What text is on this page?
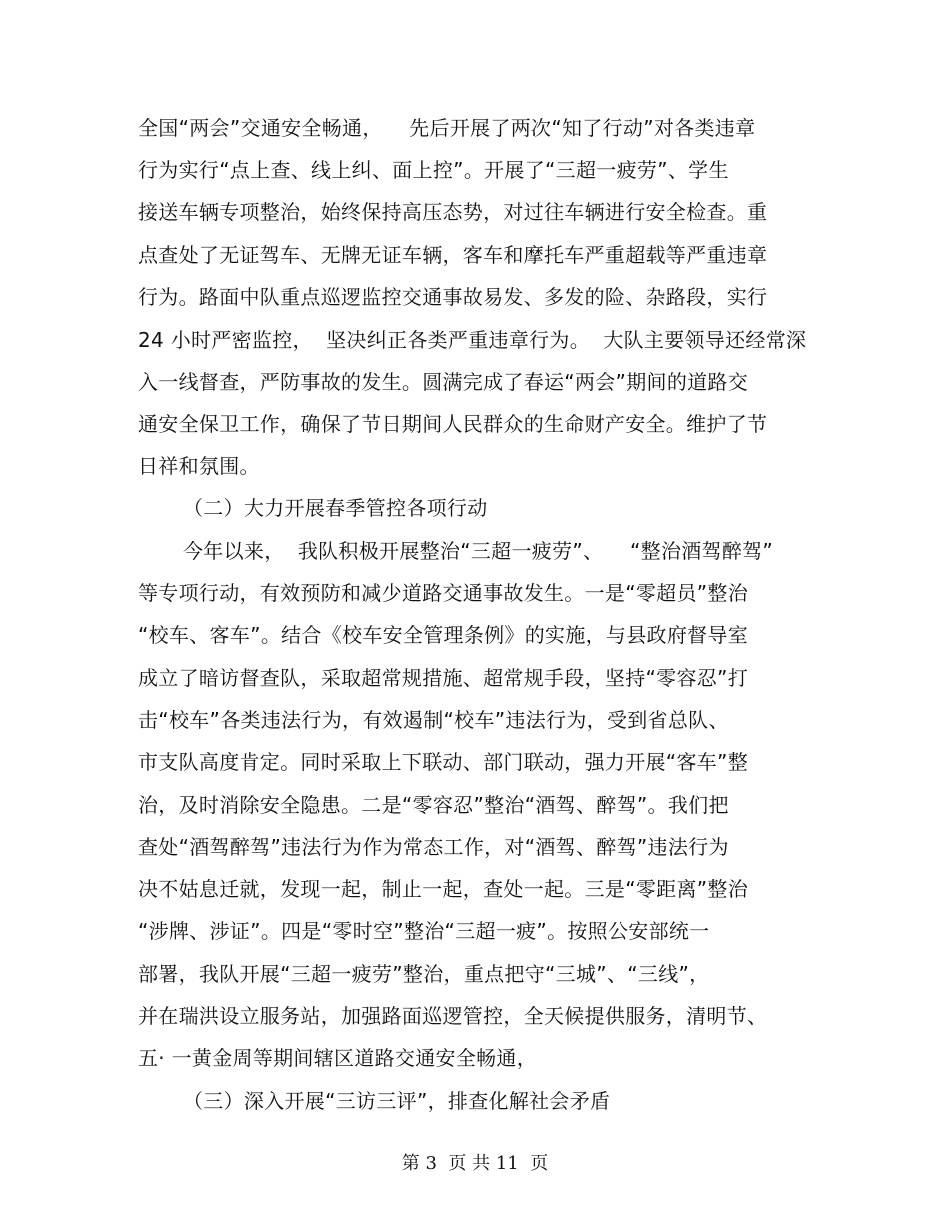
全国“两会”交通安全畅通，    先后开展了两次“知了行动”对各类违章
行为实行“点上查、线上纠、面上控”。开展了“三超一疲劳”、学生
接送车辆专项整治，始终保持高压态势，对过往车辆进行安全检查。重
点查处了无证驾车、无牌无证车辆，客车和摩托车严重超载等严重违章
行为。路面中队重点巡逻监控交通事故易发、多发的险、杂路段，实行
24 小时严密监控，  坚决纠正各类严重违章行为。  大队主要领导还经常深
入一线督查，严防事故的发生。圆满完成了春运“两会”期间的道路交
通安全保卫工作，确保了节日期间人民群众的生命财产安全。维护了节
日祥和氛围。
（二）大力开展春季管控各项行动
今年以来，  我队积极开展整治“三超一疲劳”、    “整治酒驾醉驾”
等专项行动，有效预防和减少道路交通事故发生。一是“零超员”整治
“校车、客车”。结合《校车安全管理条例》的实施，与县政府督导室
成立了暗访督查队，采取超常规措施、超常规手段，坚持“零容忍”打
击“校车”各类违法行为，有效遏制“校车”违法行为，受到省总队、
市支队高度肯定。同时采取上下联动、部门联动，强力开展“客车”整
治，及时消除安全隐患。二是“零容忍”整治“酒驾、醉驾”。我们把
查处“酒驾醉驾”违法行为作为常态工作，对“酒驾、醉驾”违法行为
决不姑息迁就，发现一起，制止一起，查处一起。三是“零距离”整治
“涉牌、涉证”。四是“零时空”整治“三超一疲”。按照公安部统一
部署，我队开展“三超一疲劳”整治，重点把守“三城”、“三线”，
并在瑞洪设立服务站，加强路面巡逻管控，全天候提供服务，清明节、
五· 一黄金周等期间辖区道路交通安全畅通，
（三）深入开展“三访三评”，排查化解社会矛盾
第 3  页 共 11  页
